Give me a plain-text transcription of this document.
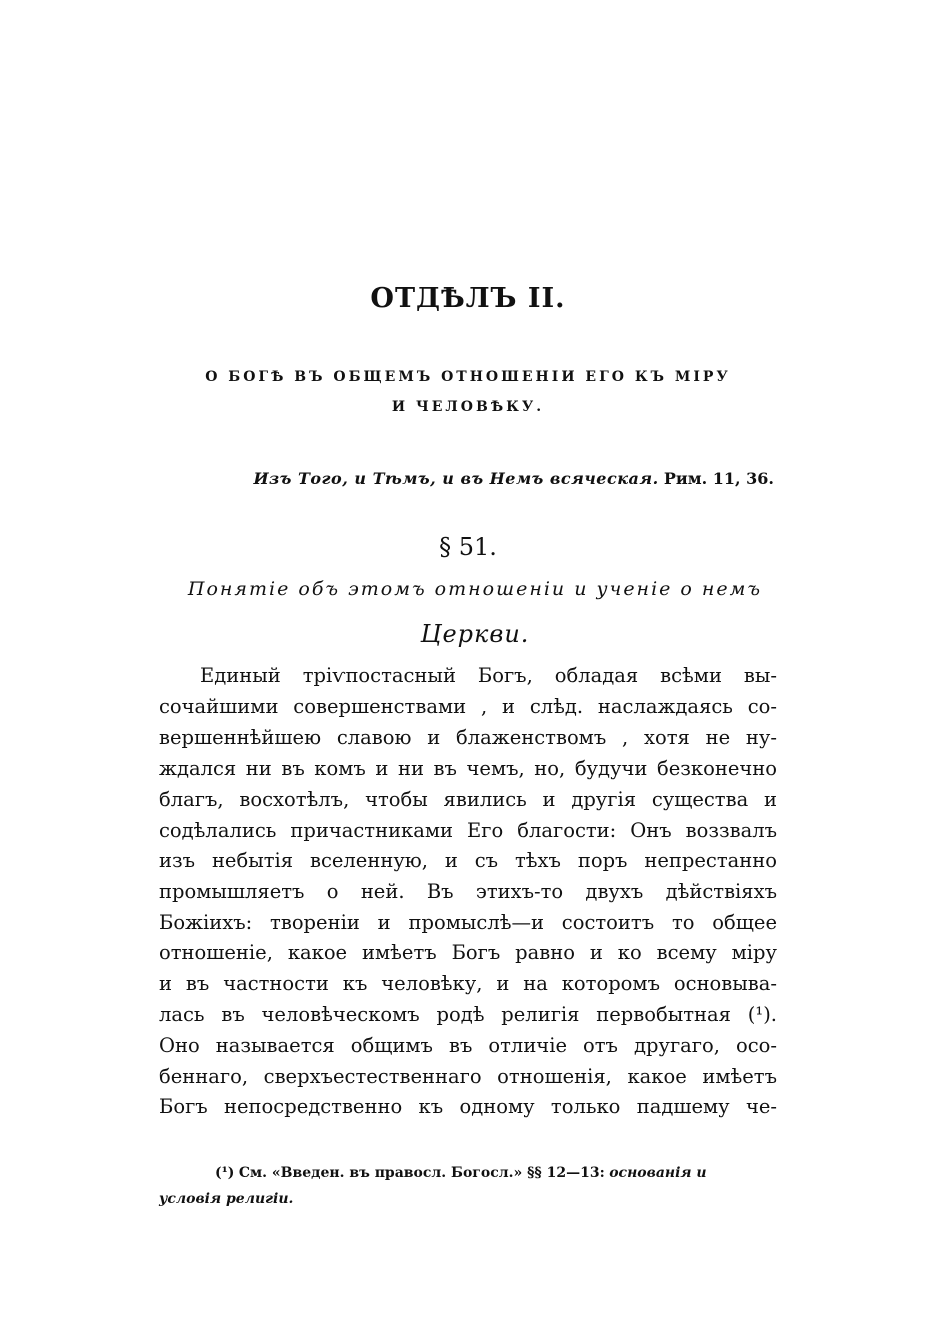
ОТДѢЛЪ II.
О БОГѢ ВЪ ОБЩЕМЪ ОТНОШЕНІИ ЕГО КЪ МІРУ
И ЧЕЛОВѢКУ.
Изъ Того, и Тѣмъ, и въ Немъ всяческая. Рим. 11, 36.
§ 51.
Понятіе объ этомъ отношеніи и ученіе о немъ
Церкви.
Единый тріѵпостасный Богъ, обладая всѣми вы-
сочайшими совершенствами , и слѣд. наслаждаясь со-
вершеннѣйшею славою и блаженствомъ , хотя не ну-
ждался ни въ комъ и ни въ чемъ, но, будучи безконечно
благъ, восхотѣлъ, чтобы явились и другія существа и
содѣлались причастниками Его благости: Онъ воззвалъ
изъ небытія вселенную, и съ тѣхъ поръ непрестанно
промышляетъ о ней. Въ этихъ-то двухъ дѣйствіяхъ
Божіихъ: твореніи и промыслѣ—и состоитъ то общее
отношеніе, какое имѣетъ Богъ равно и ко всему міру
и въ частности къ человѣку, и на которомъ основыва-
лась въ человѣческомъ родѣ религія первобытная (¹).
Оно называется общимъ въ отличіе отъ другаго, осо-
беннаго, сверхъестественнаго отношенія, какое имѣетъ
Богъ непосредственно къ одному только падшему че-
(¹) См. «Введен. въ правосл. Богосл.» §§ 12—13: основанія и
условія религіи.
